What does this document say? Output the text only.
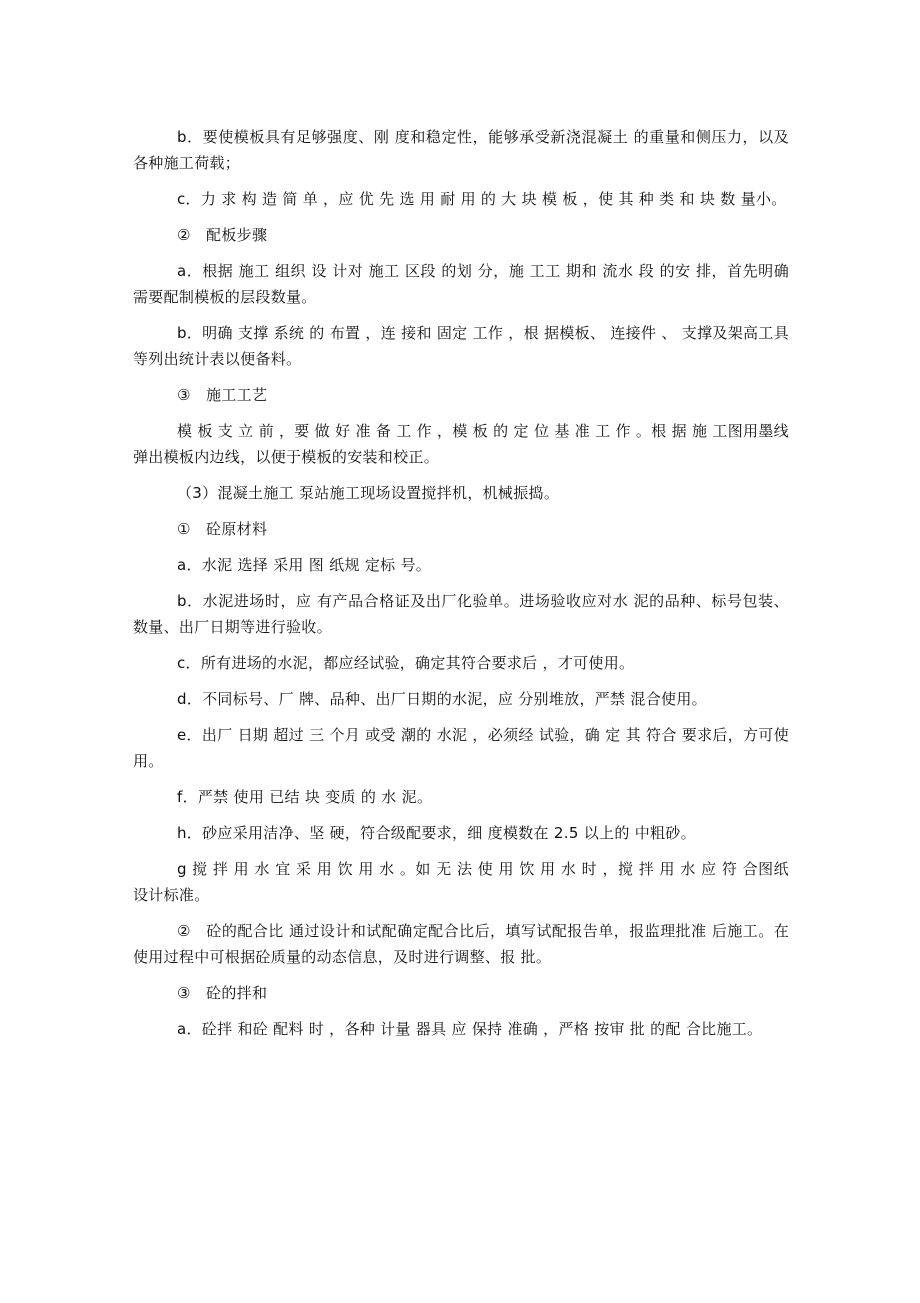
b．要使模板具有足够强度、刚 度和稳定性，能够承受新浇混凝土 的重量和侧压力，以及各种施工荷载；

c．力 求 构 造 简 单 ，应 优 先 选 用 耐 用 的 大 块 模 板 ，使 其 种 类 和 块 数 量小。

②　配板步骤

a．根据 施工 组织 设 计对 施工 区段 的划 分，施 工工 期和 流水 段 的安 排，首先明确需要配制模板的层段数量。

b．明确 支撑 系统 的 布置 ，连 接和 固定 工作 ，根 据模板、 连接件 、 支撑及架高工具等列出统计表以便备料。

③　施工工艺

模 板 支 立 前 ，要 做 好 准 备 工 作 ，模 板 的 定 位 基 准 工 作 。根 据 施 工图用墨线弹出模板内边线，以便于模板的安装和校正。

（3）混凝土施工 泵站施工现场设置搅拌机，机械振捣。

①　砼原材料

a．水泥 选择 采用 图 纸规 定标 号。

b．水泥进场时，应 有产品合格证及出厂化验单。进场验收应对水 泥的品种、标号包装、数量、出厂日期等进行验收。

c．所有进场的水泥，都应经试验，确定其符合要求后 ，才可使用。

d．不同标号、厂 牌、品种、出厂日期的水泥，应 分别堆放，严禁 混合使用。

e．出厂 日期 超过 三 个月 或受 潮的 水泥 ，必须经 试验，确 定 其 符合 要求后，方可使用。

f．严禁 使用 已结 块 变质 的 水 泥。

h．砂应采用洁净、坚 硬，符合级配要求，细 度模数在 2.5 以上的 中粗砂。

g 搅 拌 用 水 宜 采 用 饮 用 水 。如 无 法 使 用 饮 用 水 时 ，搅 拌 用 水 应 符 合图纸设计标准。

②　砼的配合比 通过设计和试配确定配合比后，填写试配报告单，报监理批准 后施工。在使用过程中可根据砼质量的动态信息，及时进行调整、报 批。

③　砼的拌和

a．砼拌 和砼 配料 时 ，各种 计量 器具 应 保持 准确 ，严格 按审 批 的配 合比施工。
